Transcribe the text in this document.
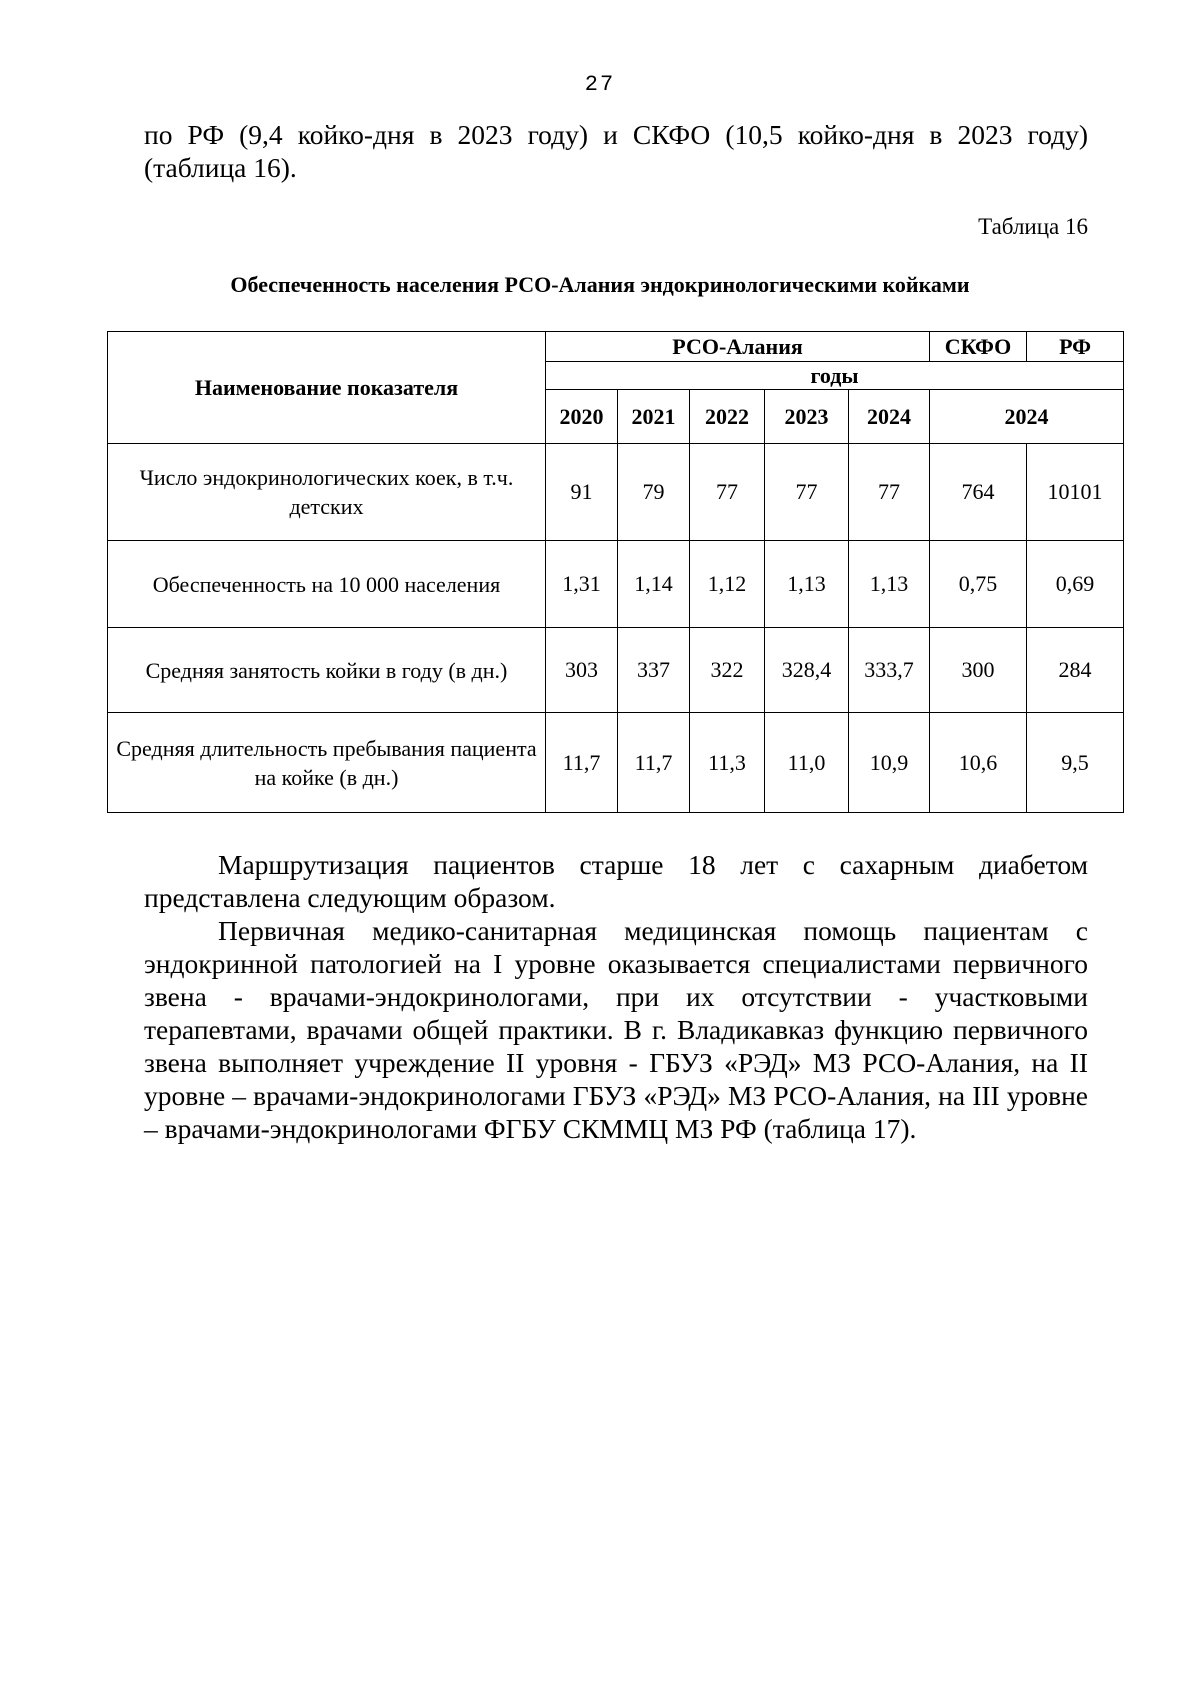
27

по РФ (9,4 койко-дня в 2023 году) и СКФО (10,5 койко-дня в 2023 году) (таблица 16).

Таблица 16
Обеспеченность населения РСО-Алания эндокринологическими койками
Наименование показателя	РСО-Алания					СКФО	РФ
	годы						
	2020	2021	2022	2023	2024	2024	
Число эндокринологических коек, в т.ч. детских	91	79	77	77	77	764	10101
Обеспеченность на 10 000 населения	1,31	1,14	1,12	1,13	1,13	0,75	0,69
Средняя занятость койки в году (в дн.)	303	337	322	328,4	333,7	300	284
Средняя длительность пребывания пациента на койке (в дн.)	11,7	11,7	11,3	11,0	10,9	10,6	9,5

Маршрутизация пациентов старше 18 лет с сахарным диабетом представлена следующим образом.

Первичная медико-санитарная медицинская помощь пациентам с эндокринной патологией на I уровне оказывается специалистами первичного звена - врачами-эндокринологами, при их отсутствии - участковыми терапевтами, врачами общей практики. В г. Владикавказ функцию первичного звена выполняет учреждение II уровня - ГБУЗ «РЭД» МЗ РСО-Алания, на II уровне – врачами-эндокринологами ГБУЗ «РЭД» МЗ РСО-Алания, на III уровне – врачами-эндокринологами ФГБУ СКММЦ МЗ РФ (таблица 17).
